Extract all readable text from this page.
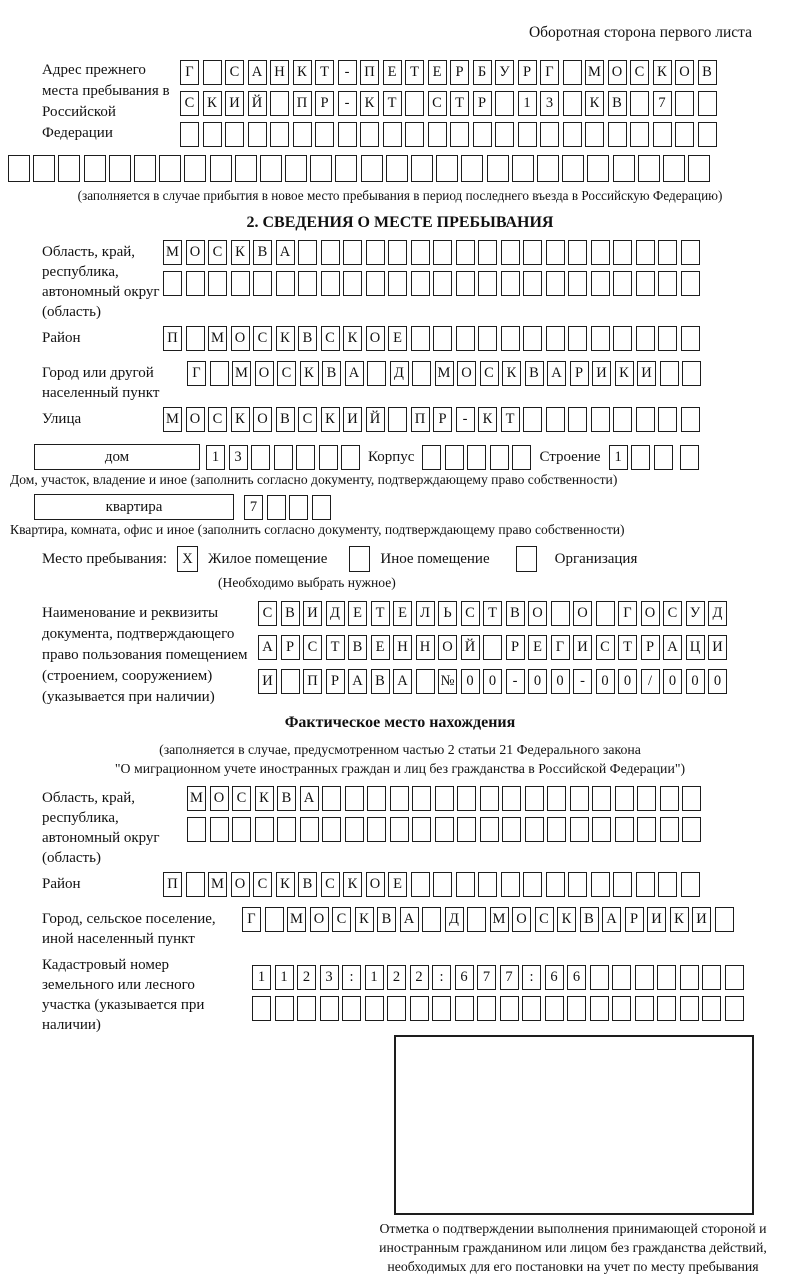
Оборотная сторона первого листа
Адрес прежнего места пребывания в Российской Федерации
Г	С А Н К Т	-	П Е Т Е Р Б У Р Г	М О С К О В
С К И Й П Р	-	К Т	С Т Р	1	3	К В	7
(заполняется в случае прибытия в новое место пребывания в период последнего въезда в Российскую Федерацию)
2. СВЕДЕНИЯ О МЕСТЕ ПРЕБЫВАНИЯ
Область, край, республика, автономный округ (область)
М О С К В А
Район	П М О С К В С К О Е
Город или другой населенный пункт
Г	М О С К В А	Д	М О С К В А Р И К И
Улица	М О С К О В С К И Й П Р	-	К Т
дом	1	3	Корпус	Строение 1
Дом, участок, владение и иное (заполнить согласно документу, подтверждающему право собственности)
квартира	7
Квартира, комната, офис и иное (заполнить согласно документу, подтверждающему право собственности)
Место пребывания:	X	Жилое помещение	Иное помещение	Организация
(Необходимо выбрать нужное)
Наименование и реквизиты документа, подтверждающего право пользования помещением (строением, сооружением) (указывается при наличии)
С В И Д Е Т Е Л Ь С Т В О О	Г О С У Д
А Р С Т В Е Н Н О Й	Р Е Г И С Т Р А Ц И
И П Р А В А № 0	0	-	0	0	-	0	0	/	0	0	0
Фактическое место нахождения
(заполняется в случае, предусмотренном частью 2 статьи 21 Федерального закона
"О миграционном учете иностранных граждан и лиц без гражданства в Российской Федерации")
Область, край, республика, автономный округ (область)
М О С К В А
Район	П М О С К В С К О Е
Город, сельское поселение, иной населенный пункт
Г	М О С К В А	Д	М О С К В А Р И К И
Кадастровый номер земельного или лесного участка (указывается при наличии)
1	1	2	3	:	1	2	2	:	6	7	7	:	6	6
Отметка о подтверждении выполнения принимающей стороной и иностранным гражданином или лицом без гражданства действий, необходимых для его постановки на учет по месту пребывания
